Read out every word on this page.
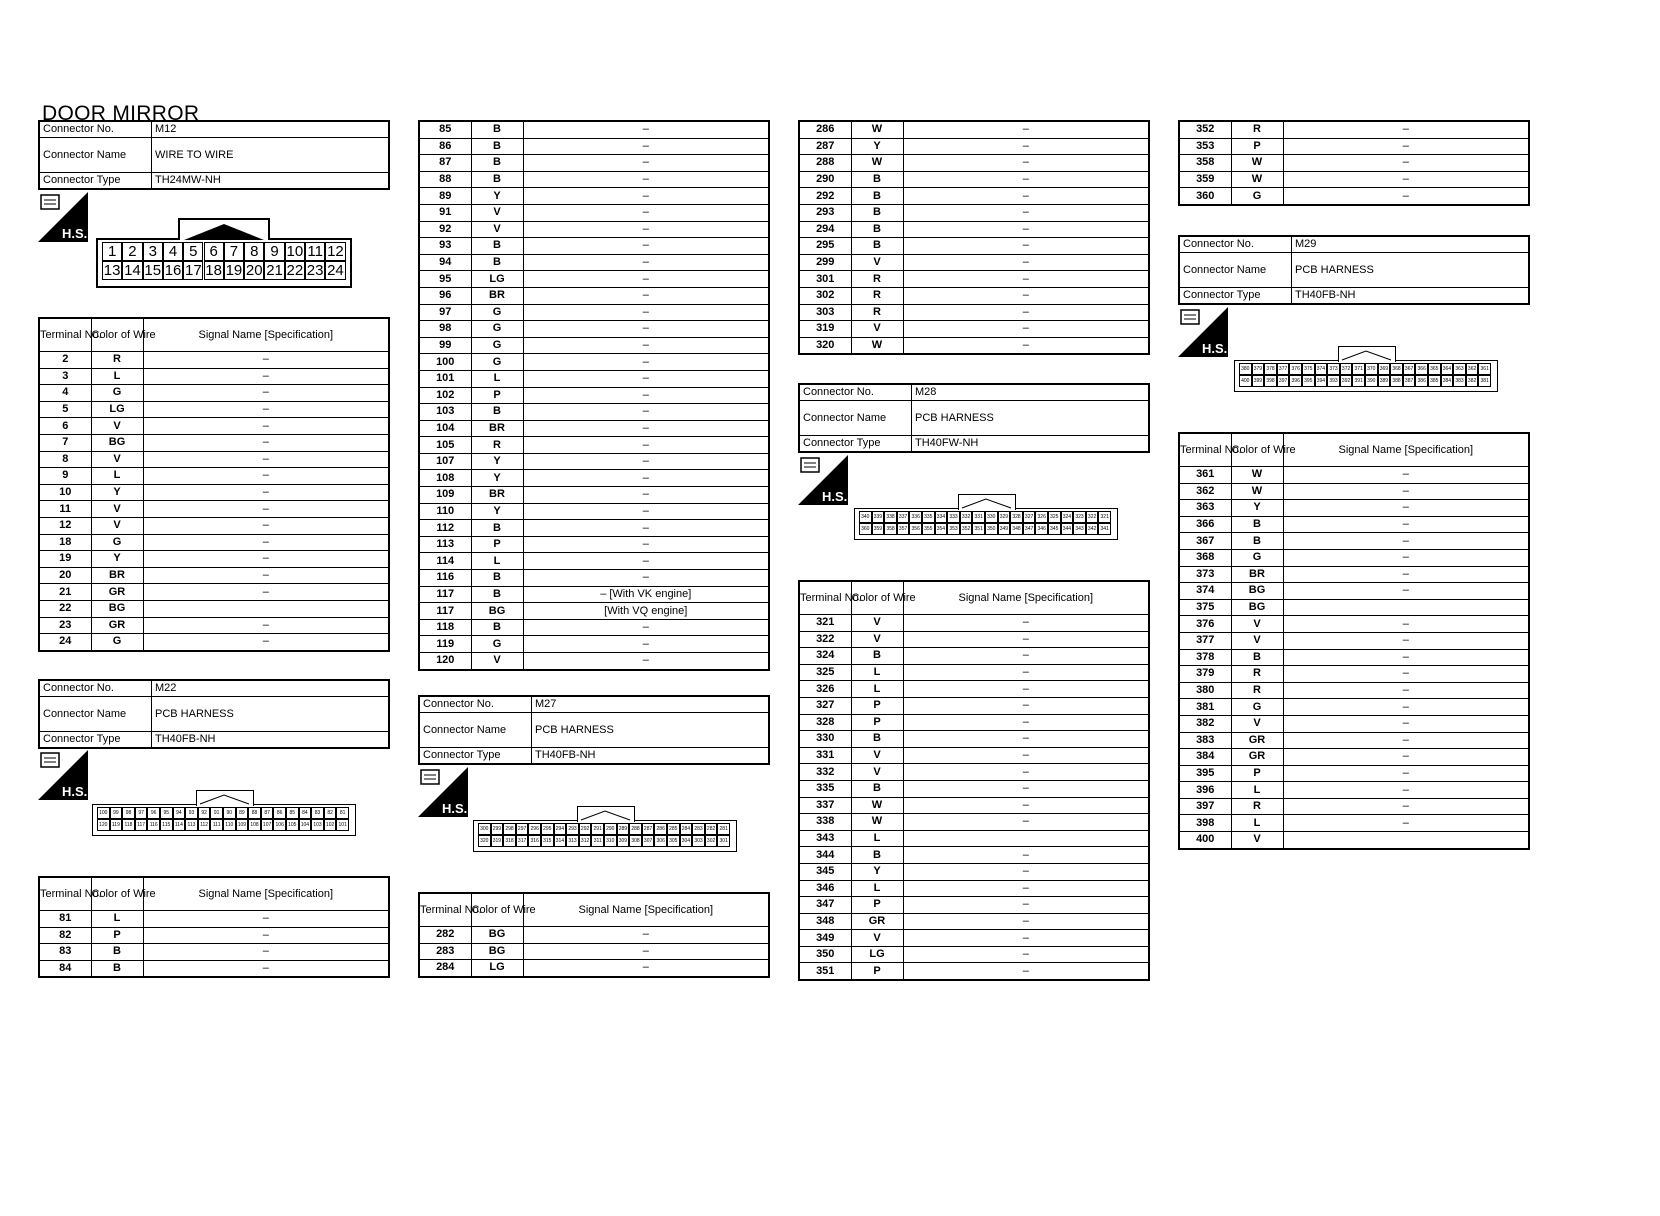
DOOR MIRROR
Connector No.	M12
Connector Name	WIRE TO WIRE
Connector Type	TH24MW-NH
H.S.
1 2 3 4 5 6 7 8 9 10 11 12
13 14 15 16 17 18 19 20 21 22 23 24
Terminal No.	Color of Wire	Signal Name [Specification]
2	R	–
3	L	–
4	G	–
5	LG	–
6	V	–
7	BG	–
8	V	–
9	L	–
10	Y	–
11	V	–
12	V	–
18	G	–
19	Y	–
20	BR	–
21	GR	–
22	BG	
23	GR	–
24	G	–
Connector No.	M22
Connector Name	PCB HARNESS
Connector Type	TH40FB-NH
H.S.
100	99	98	97	96	95	94	93	92	91	90	89	88	87	86	85	84	83	82	81
120 119 118 117 116 115 114 113 112 111 110 109 108 107 106 105 104 103 102 101
Terminal No.	Color of Wire	Signal Name [Specification]
81	L	–
82	P	–
83	B	–
84	B	–
85	B	–
86	B	–
87	B	–
88	B	–
89	Y	–
91	V	–
92	V	–
93	B	–
94	B	–
95	LG	–
96	BR	–
97	G	–
98	G	–
99	G	–
100	G	–
101	L	–
102	P	–
103	B	–
104	BR	–
105	R	–
107	Y	–
108	Y	–
109	BR	–
110	Y	–
112	B	–
113	P	–
114	L	–
116	B	–
117	B	– [With VK engine]
117	BG	[With VQ engine]
118	B	–
119	G	–
120	V	–
Connector No.	M27
Connector Name	PCB HARNESS
Connector Type	TH40FB-NH
H.S.
300 299 298 297 296 295 294 293 292 291 290 289 288 287 286 285 284 283 282 281
320 319 318 317 316 315 314 313 312 311 310 309 308 307 306 305 304 303 302 301
Terminal No.	Color of Wire	Signal Name [Specification]
282	BG	–
283	BG	–
284	LG	–
286	W	–
287	Y	–
288	W	–
290	B	–
292	B	–
293	B	–
294	B	–
295	B	–
299	V	–
301	R	–
302	R	–
303	R	–
319	V	–
320	W	–
Connector No.	M28
Connector Name	PCB HARNESS
Connector Type	TH40FW-NH
H.S.
340 339 338 337 336 335 334 333 332 331 330 329 328 327 326 325 324 323 322 321
360 359 358 357 356 355 354 353 352 351 350 349 348 347 346 345 344 343 342 341
Terminal No.	Color of Wire	Signal Name [Specification]
321	V	–
322	V	–
324	B	–
325	L	–
326	L	–
327	P	–
328	P	–
330	B	–
331	V	–
332	V	–
335	B	–
337	W	–
338	W	–
343	L	
344	B	–
345	Y	–
346	L	–
347	P	–
348	GR	–
349	V	–
350	LG	–
351	P	–
352	R	–
353	P	–
358	W	–
359	W	–
360	G	–
Connector No.	M29
Connector Name	PCB HARNESS
Connector Type	TH40FB-NH
H.S.
380 379 378 377 376 375 374 373 372 371 370 369 368 367 366 365 364 363 362 361
400 399 398 397 396 395 394 393 392 391 390 389 388 387 386 385 384 383 382 381
Terminal No.	Color of Wire	Signal Name [Specification]
361	W	–
362	W	–
363	Y	–
366	B	–
367	B	–
368	G	–
373	BR	–
374	BG	–
375	BG	
376	V	–
377	V	–
378	B	–
379	R	–
380	R	–
381	G	–
382	V	–
383	GR	–
384	GR	–
395	P	–
396	L	–
397	R	–
398	L	–
400	V	
